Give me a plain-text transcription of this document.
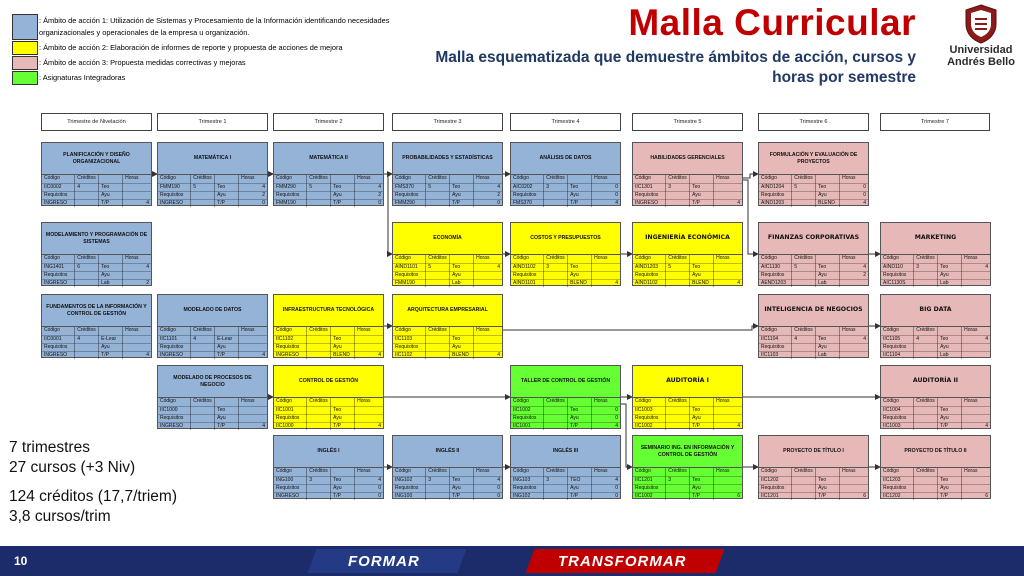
: Ámbito de acción 1: Utilización de Sistemas y Procesamiento de la Información identificando necesidades organizacionales y operacionales de la empresa u organización.
: Ámbito de acción 2: Elaboración de informes de reporte y propuesta de acciones de mejora
: Ámbito de acción 3: Propuesta medidas correctivas y mejoras
: Asignaturas Integradoras
Malla Curricular
Malla esquematizada que demuestre ámbitos de acción, cursos y horas por semestre
Universidad
Andrés Bello
Trimestre de Nivelación	Trimestre 1	Trimestre 2	Trimestre 3	Trimestre 4	Trimestre 5	Trimestre 6	Trimestre 7
PLANIFICACIÓN Y DISEÑO ORGANIZACIONAL
Código	Créditos		Horas
IIC0002	4	Teo	
Requisitos		Ayu	
INGRESO		T/P	4
MATEMÁTICA I
Código	Créditos		Horas
FMM190	5	Teo	4
Requisitos		Ayu	2
INGRESO		T/P	0
MATEMÁTICA II
Código	Créditos		Horas
FMM290	5	Teo	4
Requisitos		Ayu	2
FMM190		T/P	0
PROBABILIDADES Y ESTADÍSTICAS
Código	Créditos		Horas
FMS370	5	Teo	4
Requisitos		Ayu	2
FMM290		T/P	0
ANÁLISIS DE DATOS
Código	Créditos		Horas
AIC0202	3	Teo	0
Requisitos		Ayu	0
FMS370		T/P	4
HABILIDADES GERENCIALES
Código	Créditos		Horas
IIC1301	3	Teo	
Requisitos		Ayu	
INGRESO		T/P	4
FORMULACIÓN Y EVALUACIÓN DE PROYECTOS
Código	Créditos		Horas
AIND1204	5	Teo	0
Requisitos		Ayu	0
AIND1203		BLEND	4
MODELAMIENTO Y PROGRAMACIÓN DE SISTEMAS
Código	Créditos		Horas
ING1401	6	Teo	4
Requisitos		Ayu	
INGRESO		Lab	2
ECONOMÍA
Código	Créditos		Horas
AIND1101	5	Teo	4
Requisitos		Ayu	
FMM190		Lab	
COSTOS Y PRESUPUESTOS
Código	Créditos		Horas
AIND1102	3	Teo	
Requisitos		Ayu	
AIND1101		BLEND	4
INGENIERÍA ECONÓMICA
Código	Créditos		Horas
AIND1203	5	Teo	
Requisitos		Ayu	
AIND1102		BLEND	4
FINANZAS CORPORATIVAS
Código	Créditos		Horas
AIC1130	5	Teo	4
Requisitos		Ayu	2
AEND1203		Lab	
MARKETING
Código	Créditos		Horas
AIND110	3	Teo	4
Requisitos		Ayu	
AIC1130S		Lab	
FUNDAMENTOS DE LA INFORMACIÓN Y CONTROL DE GESTIÓN
Código	Créditos		Horas
IIC0001	4	E-Lear	
Requisitos		Ayu	
INGRESO		T/P	4
MODELADO DE DATOS
Código	Créditos		Horas
IIC1101	4	E-Lear	
Requisitos		Ayu	
INGRESO		T/P	4
INFRAESTRUCTURA TECNOLÓGICA
Código	Créditos		Horas
IIC1102		Teo	
Requisitos		Ayu	
INGRESO		BLEND	4
ARQUITECTURA EMPRESARIAL
Código	Créditos		Horas
IIC1103		Teo	
Requisitos		Ayu	
IIC1102		BLEND	4
INTELIGENCIA DE NEGOCIOS
Código	Créditos		Horas
IIC1104	4	Teo	4
Requisitos		Ayu	
IIC1103		Lab	
BIG DATA
Código	Créditos		Horas
IIC1105	4	Teo	4
Requisitos		Ayu	
IIC1104		Lab	
MODELADO DE PROCESOS DE NEGOCIO
Código	Créditos		Horas
IIC1000		Teo	
Requisitos		Ayu	
INGRESO		T/P	4
CONTROL DE GESTIÓN
Código	Créditos		Horas
IIC1001		Teo	
Requisitos		Ayu	
IIC1000		T/P	4
TALLER DE CONTROL DE GESTIÓN
Código	Créditos		Horas
IIC1002		Teo	0
Requisitos		Ayu	0
IIC1001		T/P	4
AUDITORÍA I
Código	Créditos		Horas
IIC1003		Teo	
Requisitos		Ayu	
IIC1002		T/P	4
AUDITORÍA II
Código	Créditos		Horas
IIC1004		Teo	
Requisitos		Ayu	
IIC1003		T/P	4
INGLÉS I
Código	Créditos		Horas
ING100	3	Teo	4
Requisitos		Ayu	0
INGRESO		T/P	0
INGLÉS II
Código	Créditos		Horas
ING102	3	Teo	4
Requisitos		Ayu	0
ING100		T/P	0
INGLÉS III
Código	Créditos		Horas
ING103	3	TEO	4
Requisitos		Ayu	0
ING102		T/P	0
SEMINARIO ING. EN INFORMACIÓN Y CONTROL DE GESTIÓN
Código	Créditos		Horas
IIC1201	3	Teo	
Requisitos		Ayu	
IIC1002		T/P	6
PROYECTO DE TÍTULO I
Código	Créditos		Horas
IIC1202		Teo	
Requisitos		Ayu	
IIC1201		T/P	6
PROYECTO DE TÍTULO II
Código	Créditos		Horas
IIC1203		Teo	
Requisitos		Ayu	
IIC1202		T/P	6
7 trimestres
27 cursos (+3 Niv)
124 créditos (17,7/triem)
3,8 cursos/trim
10	FORMAR	TRANSFORMAR
